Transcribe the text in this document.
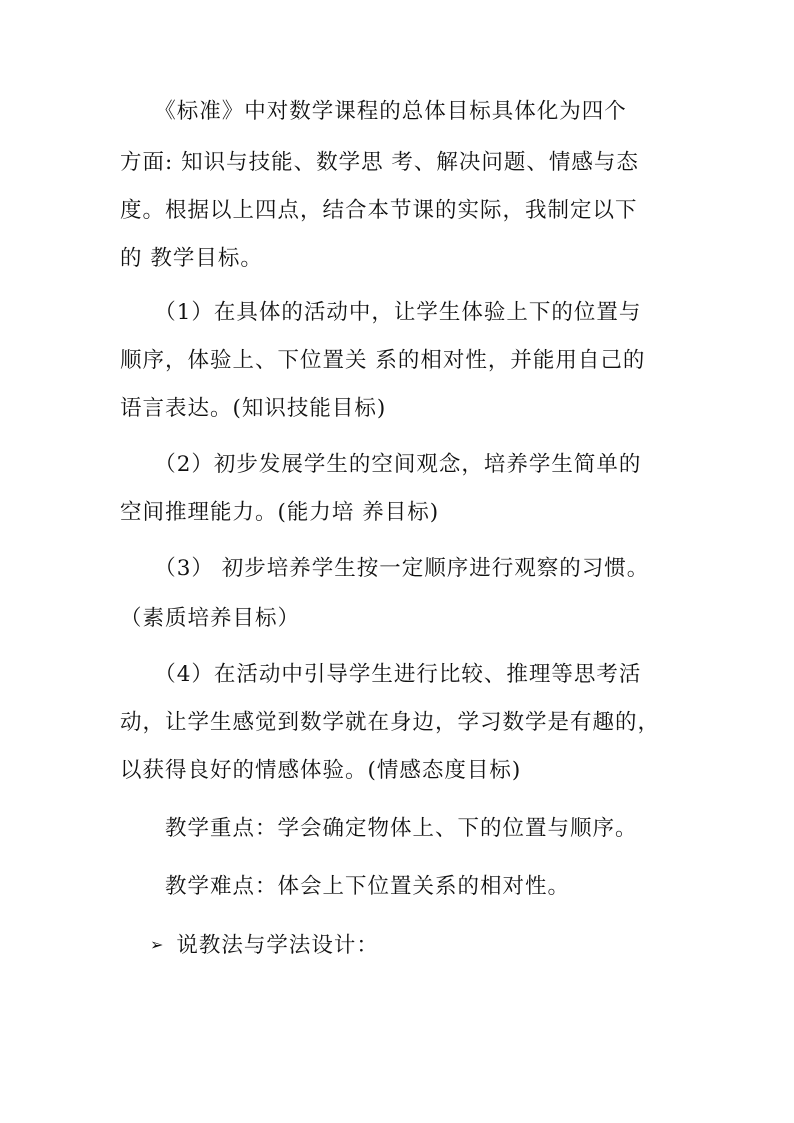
　　《标准》中对数学课程的总体目标具体化为四个
方面: 知识与技能、数学思 考、解决问题、情感与态
度。根据以上四点，结合本节课的实际，我制定以下
的 教学目标。
　　（1）在具体的活动中，让学生体验上下的位置与
顺序，体验上、下位置关 系的相对性，并能用自己的
语言表达。(知识技能目标)
　　（2）初步发展学生的空间观念，培养学生简单的
空间推理能力。(能力培 养目标)
　　（3） 初步培养学生按一定顺序进行观察的习惯。
（素质培养目标）
　　（4）在活动中引导学生进行比较、推理等思考活
动，让学生感觉到数学就在身边，学习数学是有趣的，
以获得良好的情感体验。(情感态度目标)
　　教学重点：学会确定物体上、下的位置与顺序。
　　教学难点：体会上下位置关系的相对性。
➢ 说教法与学法设计：
